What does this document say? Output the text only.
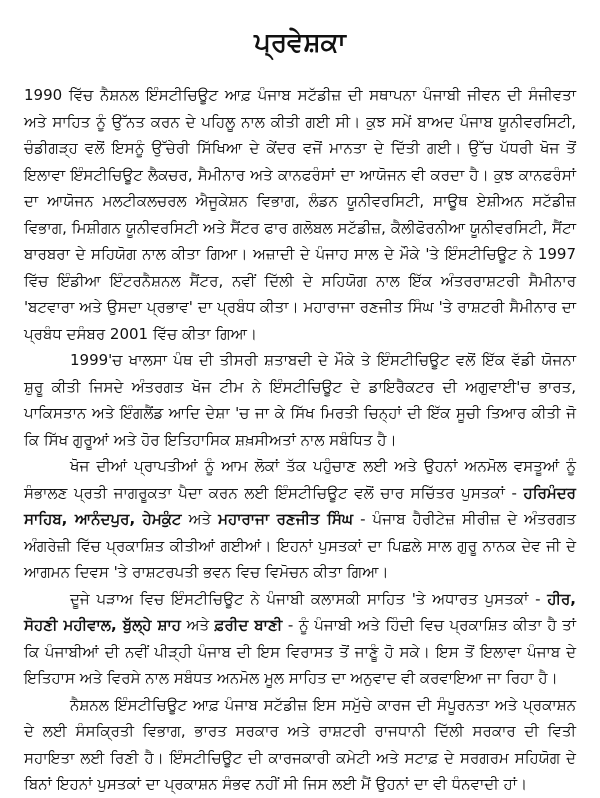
ਪ੍ਰਵੇਸ਼ਕਾ

1990 ਵਿੱਚ ਨੈਸ਼ਨਲ ਇੰਸਟੀਚਿਊਟ ਆਫ਼ ਪੰਜਾਬ ਸਟੱਡੀਜ਼ ਦੀ ਸਥਾਪਨਾ ਪੰਜਾਬੀ ਜੀਵਨ ਦੀ ਸੰਜੀਵਤਾ ਅਤੇ ਸਾਹਿਤ ਨੂੰ ਉੱਨਤ ਕਰਨ ਦੇ ਪਹਿਲੂ ਨਾਲ ਕੀਤੀ ਗਈ ਸੀ। ਕੁਝ ਸਮੇਂ ਬਾਅਦ ਪੰਜਾਬ ਯੂਨੀਵਰਸਿਟੀ, ਚੰਡੀਗੜ੍ਹ ਵਲੋਂ ਇਸਨੂੰ ਉੱਚੇਰੀ ਸਿੱਖਿਆ ਦੇ ਕੇਂਦਰ ਵਜੋਂ ਮਾਨਤਾ ਦੇ ਦਿੱਤੀ ਗਈ। ਉੱਚ ਪੱਧਰੀ ਖੋਜ ਤੋਂ ਇਲਾਵਾ ਇੰਸਟੀਚਿਊਟ ਲੈਕਚਰ, ਸੈਮੀਨਾਰ ਅਤੇ ਕਾਨਫਰੰਸਾਂ ਦਾ ਆਯੋਜਨ ਵੀ ਕਰਦਾ ਹੈ। ਕੁਝ ਕਾਨਫਰੰਸਾਂ ਦਾ ਆਯੋਜਨ ਮਲਟੀਕਲਚਰਲ ਐਜੂਕੇਸ਼ਨ ਵਿਭਾਗ, ਲੰਡਨ ਯੂਨੀਵਰਸਿਟੀ, ਸਾਊਥ ਏਸ਼ੀਅਨ ਸਟੱਡੀਜ਼ ਵਿਭਾਗ, ਮਿਸ਼ੀਗਨ ਯੂਨੀਵਰਸਿਟੀ ਅਤੇ ਸੈਂਟਰ ਫਾਰ ਗਲੋਬਲ ਸਟੱਡੀਜ਼, ਕੈਲੀਫੋਰਨੀਆ ਯੂਨੀਵਰਸਿਟੀ, ਸੈਂਟਾ ਬਾਰਬਰਾ ਦੇ ਸਹਿਯੋਗ ਨਾਲ ਕੀਤਾ ਗਿਆ। ਅਜ਼ਾਦੀ ਦੇ ਪੰਜਾਹ ਸਾਲ ਦੇ ਮੌਕੇ 'ਤੇ ਇੰਸਟੀਚਿਊਟ ਨੇ 1997 ਵਿੱਚ ਇੰਡੀਆ ਇੰਟਰਨੈਸ਼ਨਲ ਸੈਂਟਰ, ਨਵੀਂ ਦਿੱਲੀ ਦੇ ਸਹਿਯੋਗ ਨਾਲ ਇੱਕ ਅੰਤਰਰਾਸ਼ਟਰੀ ਸੈਮੀਨਾਰ 'ਬਟਵਾਰਾ ਅਤੇ ਉਸਦਾ ਪ੍ਰਭਾਵ' ਦਾ ਪ੍ਰਬੰਧ ਕੀਤਾ। ਮਹਾਰਾਜਾ ਰਣਜੀਤ ਸਿੰਘ 'ਤੇ ਰਾਸ਼ਟਰੀ ਸੈਮੀਨਾਰ ਦਾ ਪ੍ਰਬੰਧ ਦਸੰਬਰ 2001 ਵਿੱਚ ਕੀਤਾ ਗਿਆ।

1999'ਚ ਖਾਲਸਾ ਪੰਥ ਦੀ ਤੀਸਰੀ ਸ਼ਤਾਬਦੀ ਦੇ ਮੌਕੇ ਤੇ ਇੰਸਟੀਚਿਊਟ ਵਲੋਂ ਇੱਕ ਵੱਡੀ ਯੋਜਨਾ ਸ਼ੁਰੂ ਕੀਤੀ ਜਿਸਦੇ ਅੰਤਰਗਤ ਖੋਜ ਟੀਮ ਨੇ ਇੰਸਟੀਚਿਊਟ ਦੇ ਡਾਇਰੈਕਟਰ ਦੀ ਅਗੁਵਾਈ'ਚ ਭਾਰਤ, ਪਾਕਿਸਤਾਨ ਅਤੇ ਇੰਗਲੈਂਡ ਆਦਿ ਦੇਸ਼ਾ 'ਚ ਜਾ ਕੇ ਸਿੱਖ ਮਿਰਤੀ ਚਿਨ੍ਹਾਂ ਦੀ ਇੱਕ ਸੂਚੀ ਤਿਆਰ ਕੀਤੀ ਜੋ ਕਿ ਸਿੱਖ ਗੁਰੂਆਂ ਅਤੇ ਹੋਰ ਇਤਿਹਾਸਿਕ ਸ਼ਖ਼ਸੀਅਤਾਂ ਨਾਲ ਸਬੰਧਿਤ ਹੈ।

ਖੋਜ ਦੀਆਂ ਪ੍ਰਾਪਤੀਆਂ ਨੂੰ ਆਮ ਲੋਕਾਂ ਤੱਕ ਪਹੁੰਚਾਣ ਲਈ ਅਤੇ ਉਹਨਾਂ ਅਨਮੋਲ ਵਸਤੂਆਂ ਨੂੰ ਸੰਭਾਲਣ ਪ੍ਰਤੀ ਜਾਗਰੂਕਤਾ ਪੈਦਾ ਕਰਨ ਲਈ ਇੰਸਟੀਚਿਊਟ ਵਲੋਂ ਚਾਰ ਸਚਿੱਤਰ ਪੁਸਤਕਾਂ - ਹਰਿਮੰਦਰ ਸਾਹਿਬ, ਆਨੰਦਪੁਰ, ਹੇਮਕੁੰਟ ਅਤੇ ਮਹਾਰਾਜਾ ਰਣਜੀਤ ਸਿੰਘ - ਪੰਜਾਬ ਹੈਰੀਟੇਜ਼ ਸੀਰੀਜ਼ ਦੇ ਅੰਤਰਗਤ ਅੰਗਰੇਜ਼ੀ ਵਿੱਚ ਪ੍ਰਕਾਸ਼ਿਤ ਕੀਤੀਆਂ ਗਈਆਂ। ਇਹਨਾਂ ਪੁਸਤਕਾਂ ਦਾ ਪਿਛਲੇ ਸਾਲ ਗੁਰੂ ਨਾਨਕ ਦੇਵ ਜੀ ਦੇ ਆਗਮਨ ਦਿਵਸ 'ਤੇ ਰਾਸ਼ਟਰਪਤੀ ਭਵਨ ਵਿਚ ਵਿਮੋਚਨ ਕੀਤਾ ਗਿਆ।

ਦੂਜੇ ਪੜਾਅ ਵਿਚ ਇੰਸਟੀਚਿਊਟ ਨੇ ਪੰਜਾਬੀ ਕਲਾਸਕੀ ਸਾਹਿਤ 'ਤੇ ਅਧਾਰਤ ਪੁਸਤਕਾਂ - ਹੀਰ, ਸੋਹਣੀ ਮਹੀਵਾਲ, ਬੁੱਲ੍ਹੇ ਸ਼ਾਹ ਅਤੇ ਫ਼ਰੀਦ ਬਾਣੀ - ਨੂੰ ਪੰਜਾਬੀ ਅਤੇ ਹਿੰਦੀ ਵਿਚ ਪ੍ਰਕਾਸ਼ਿਤ ਕੀਤਾ ਹੈ ਤਾਂ ਕਿ ਪੰਜਾਬੀਆਂ ਦੀ ਨਵੀਂ ਪੀੜ੍ਹੀ ਪੰਜਾਬ ਦੀ ਇਸ ਵਿਰਾਸਤ ਤੋਂ ਜਾਣੂੰ ਹੋ ਸਕੇ। ਇਸ ਤੋਂ ਇਲਾਵਾ ਪੰਜਾਬ ਦੇ ਇਤਿਹਾਸ ਅਤੇ ਵਿਰਸੇ ਨਾਲ ਸਬੰਧਤ ਅਨਮੋਲ ਮੂਲ ਸਾਹਿਤ ਦਾ ਅਨੁਵਾਦ ਵੀ ਕਰਵਾਇਆ ਜਾ ਰਿਹਾ ਹੈ।

ਨੈਸ਼ਨਲ ਇੰਸਟੀਚਿਊਟ ਆਫ਼ ਪੰਜਾਬ ਸਟੱਡੀਜ਼ ਇਸ ਸਮੁੱਚੇ ਕਾਰਜ ਦੀ ਸੰਪੂਰਨਤਾ ਅਤੇ ਪ੍ਰਕਾਸ਼ਨ ਦੇ ਲਈ ਸੰਸਕ੍ਰਿਤੀ ਵਿਭਾਗ, ਭਾਰਤ ਸਰਕਾਰ ਅਤੇ ਰਾਸ਼ਟਰੀ ਰਾਜਧਾਨੀ ਦਿੱਲੀ ਸਰਕਾਰ ਦੀ ਵਿਤੀ ਸਹਾਇਤਾ ਲਈ ਰਿਣੀ ਹੈ। ਇੰਸਟੀਚਿਊਟ ਦੀ ਕਾਰਜਕਾਰੀ ਕਮੇਟੀ ਅਤੇ ਸਟਾਫ਼ ਦੇ ਸਰਗਰਮ ਸਹਿਯੋਗ ਦੇ ਬਿਨਾਂ ਇਹਨਾਂ ਪੁਸਤਕਾਂ ਦਾ ਪ੍ਰਕਾਸ਼ਨ ਸੰਭਵ ਨਹੀਂ ਸੀ ਜਿਸ ਲਈ ਮੈਂ ਉਹਨਾਂ ਦਾ ਵੀ ਧੰਨਵਾਦੀ ਹਾਂ।
